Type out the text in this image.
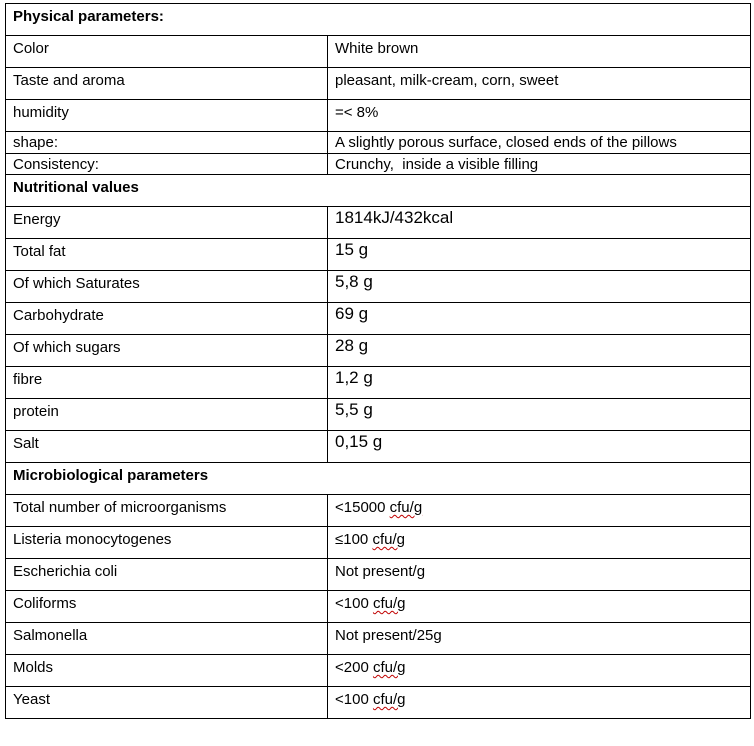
Physical parameters:	
Color	White brown
Taste and aroma	pleasant, milk-cream, corn, sweet
humidity	=< 8%
shape:	A slightly porous surface, closed ends of the pillows
Consistency:	Crunchy,  inside a visible filling
Nutritional values	
Energy	1814kJ/432kcal
Total fat	15 g
Of which Saturates	5,8 g
Carbohydrate	69 g
Of which sugars	28 g
fibre	1,2 g
protein	5,5 g
Salt	0,15 g
Microbiological parameters	
Total number of microorganisms	<15000 cfu/g
Listeria monocytogenes	≤100 cfu/g
Escherichia coli	Not present/g
Coliforms	<100 cfu/g
Salmonella	Not present/25g
Molds	<200 cfu/g
Yeast	<100 cfu/g
